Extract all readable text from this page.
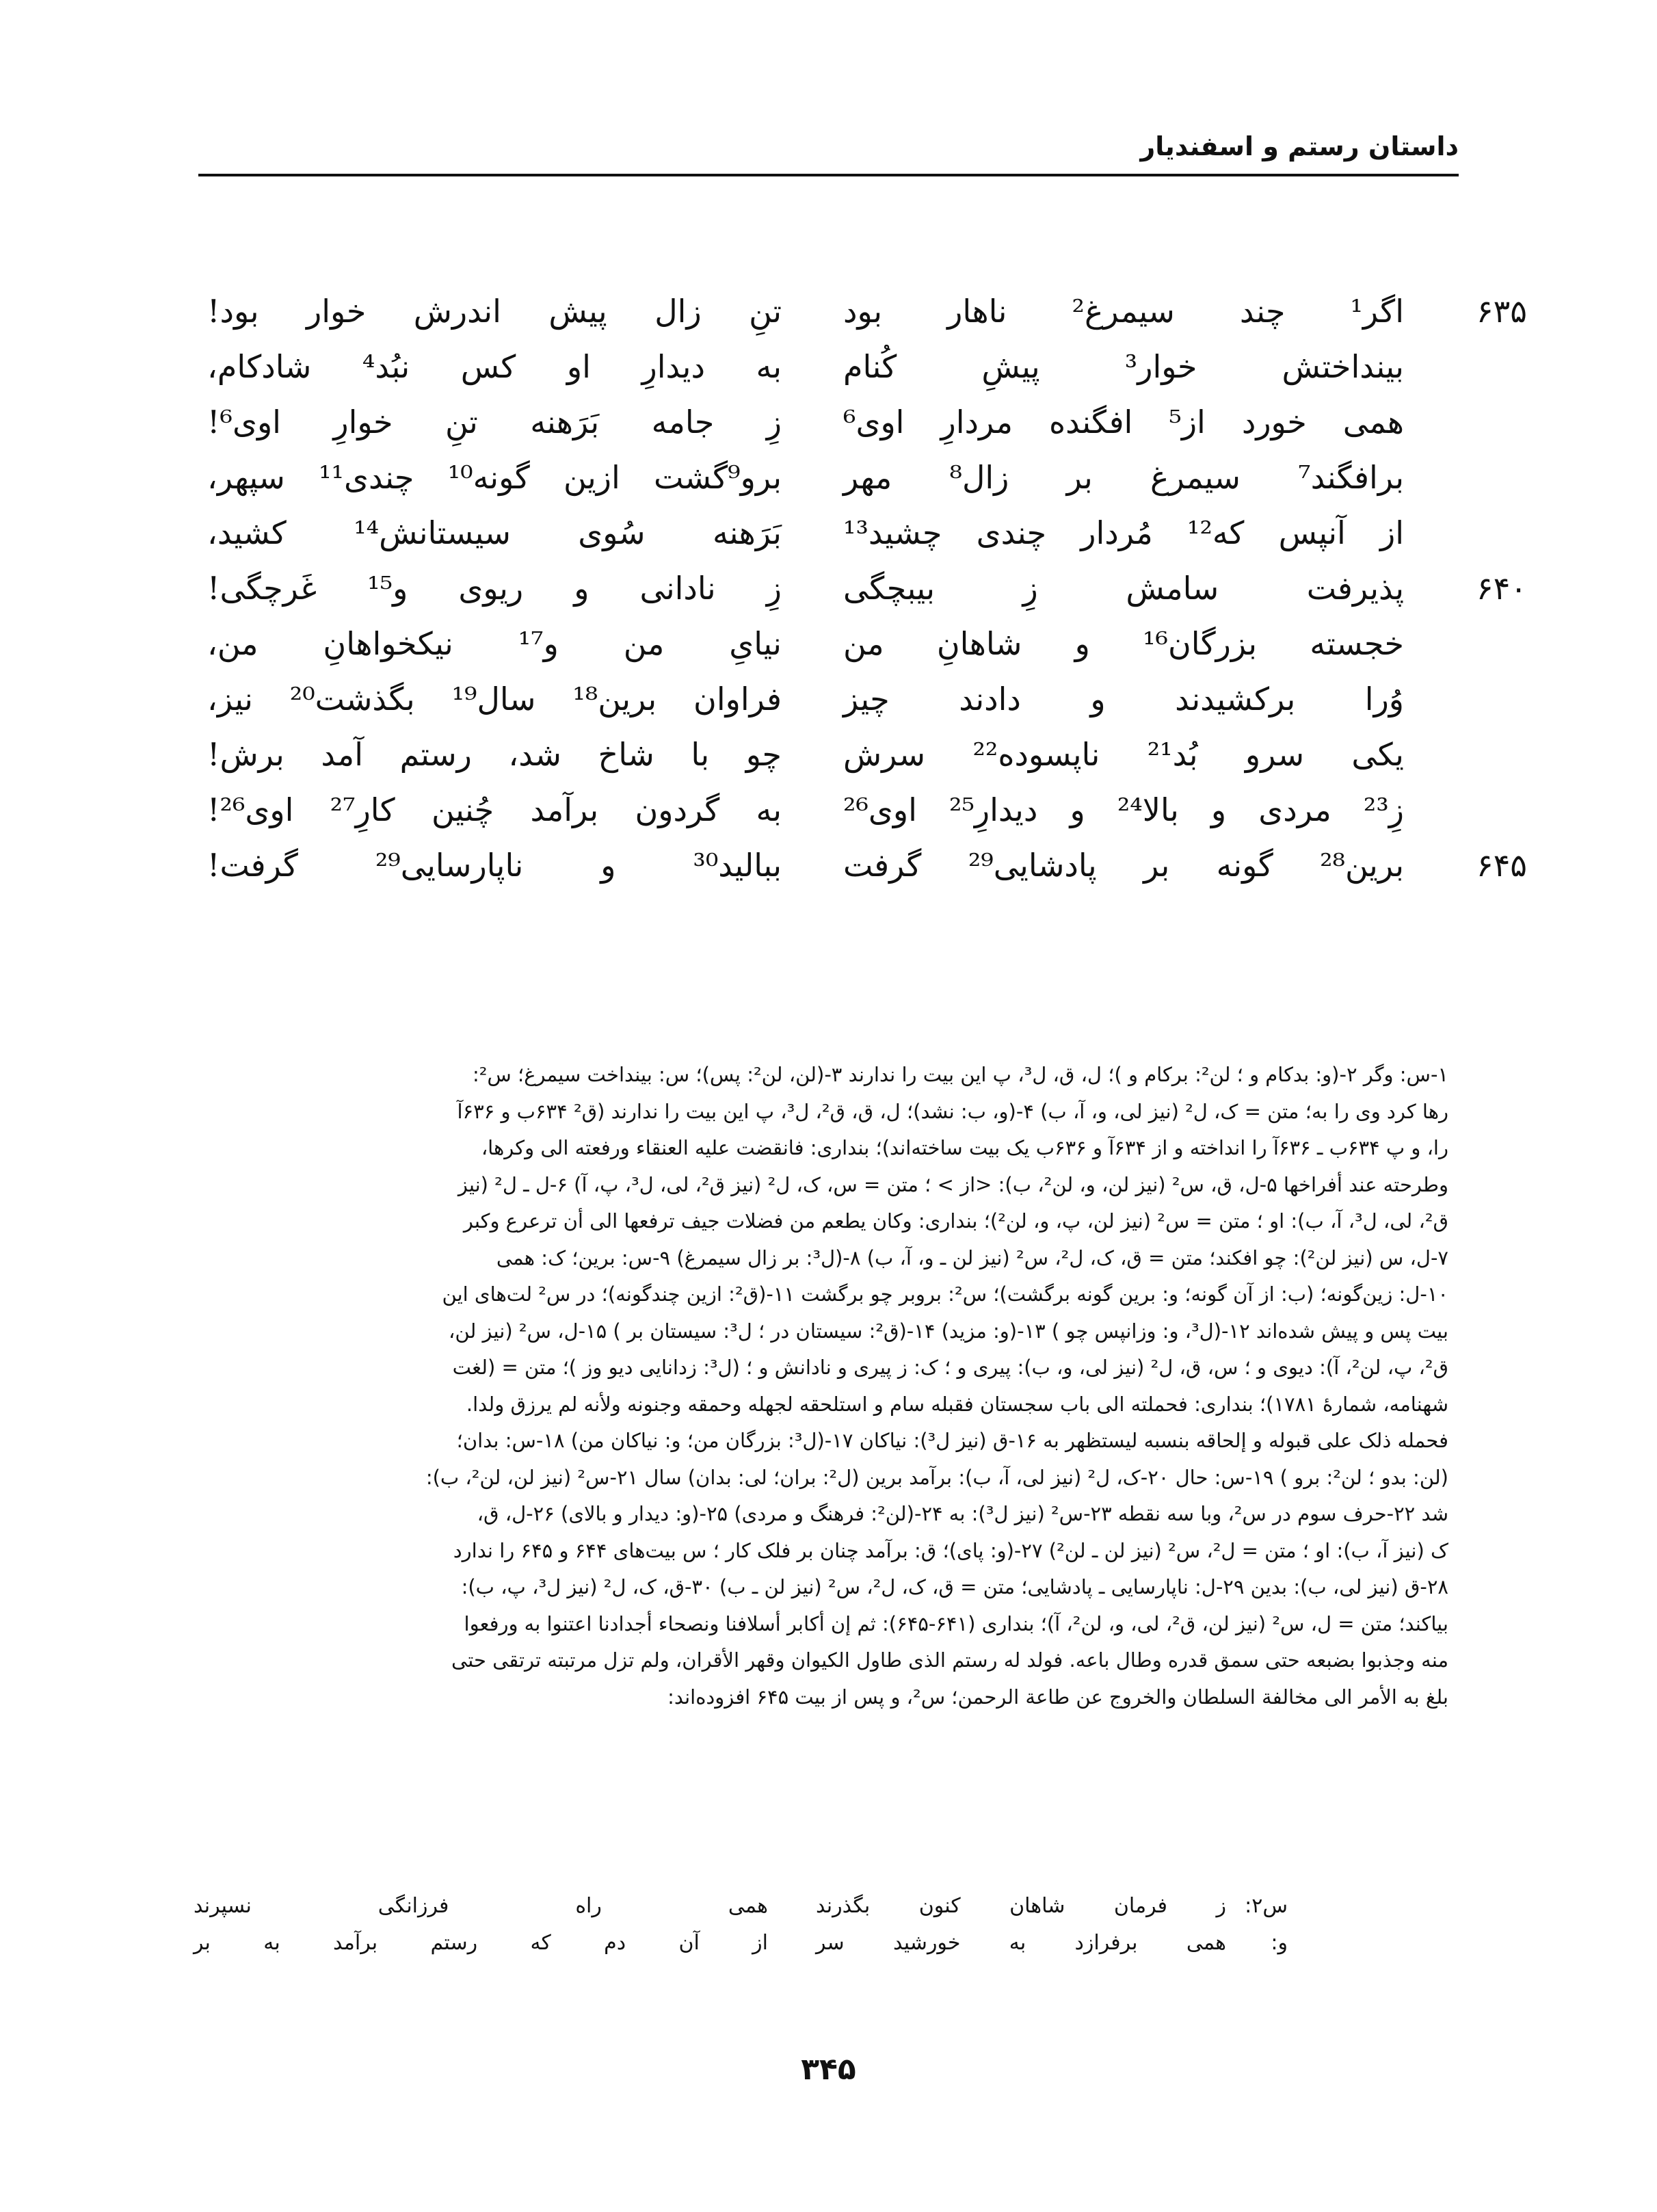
داستان رستم و اسفندیار
۶۳۵
اگر¹ چند سیمرغ² ناهار بود
تنِ زال پیش اندرش خوار بود!
بینداختش خوار³ پیشِ کُنام
به دیدارِ او کس نبُد⁴ شادکام،
همی خورد از⁵ افگنده مردارِ اوی⁶
زِ جامه بَرَهنه تنِ خوارِ اوی⁶!
برافگند⁷ سیمرغ بر زال⁸ مهر
برو⁹گشت ازین گونه¹⁰ چندی¹¹ سپهر،
از آنپس که¹² مُردار چندی چشید¹³
بَرَهنه سُوی سیستانش¹⁴ کشید،
۶۴۰
پذیرفت سامش زِ بیبچگی
زِ نادانی و ریوی و¹⁵ غَرچگی!
خجسته بزرگان¹⁶ و شاهانِ من
نیایِ من و¹⁷ نیکخواهانِ من،
وُرا برکشیدند و دادند چیز
فراوان برین¹⁸ سال¹⁹ بگذشت²⁰ نیز،
یکی سرو بُد²¹ ناپسوده²² سرش
چو با شاخ شد، رستم آمد برش!
زِ²³ مردی و بالا²⁴ و دیدارِ²⁵ اوی²⁶
به گردون برآمد چُنین کارِ²⁷ اوی²⁶!
۶۴۵
برین²⁸ گونه بر پادشایی²⁹ گرفت
ببالید³⁰ و ناپارسایی²⁹ گرفت!

۱-س: وگر ۲-(و: بدکام و ؛ لن²: برکام و )؛ ل، ق، ل³، پ این بیت را ندارند ۳-(لن، لن²: پس)؛ س: بینداخت سیمرغ؛ س²:

رها کرد وی را به؛ متن = ک، ل² (نیز لی، و، آ، ب) ۴-(و، ب: نشد)؛ ل، ق، ق²، ل³، پ این بیت را ندارند (ق² ۶۳۴ب و ۶۳۶آ

را، و پ ۶۳۴ب ـ ۶۳۶آ را انداخته و از ۶۳۴آ و ۶۳۶ب یک بیت ساخته‌اند)؛ بنداری: فانقضت علیه العنقاء ورفعته الی وکرها،

وطرحته عند أفراخها ۵-ل، ق، س² (نیز لن، و، لن²، ب): <از > ؛ متن = س، ک، ل² (نیز ق²، لی، ل³، پ، آ) ۶-ل ـ ل² (نیز

ق²، لی، ل³، آ، ب): او ؛ متن = س² (نیز لن، پ، و، لن²)؛ بنداری: وکان یطعم من فضلات جیف ترفعها الی أن ترعرع وکبر

۷-ل، س (نیز لن²): چو افکند؛ متن = ق، ک، ل²، س² (نیز لن ـ و، آ، ب) ۸-(ل³: بر زال سیمرغ) ۹-س: برین؛ ک: همی

۱۰-ل: زین‌گونه؛ (ب: از آن گونه؛ و: برین گونه برگشت)؛ س²: بروبر چو برگشت ۱۱-(ق²: ازین چندگونه)؛ در س² لت‌های این

بیت پس و پیش شده‌اند ۱۲-(ل³، و: وزانپس چو ) ۱۳-(و: مزید) ۱۴-(ق²: سیستان در ؛ ل³: سیستان بر ) ۱۵-ل، س² (نیز لن،

ق²، پ، لن²، آ): دیوی و ؛ س، ق، ل² (نیز لی، و، ب): پیری و ؛ ک: ز پیری و نادانش و ؛ (ل³: زدانایی دیو وز )؛ متن = (لغت

شهنامه، شمارهٔ ۱۷۸۱)؛ بنداری: فحملته الی باب سجستان فقبله سام و استلحقه لجهله وحمقه وجنونه ولأنه لم یرزق ولدا.

فحمله ذلک علی قبوله و إلحاقه بنسبه لیستظهر به ۱۶-ق (نیز ل³): نیاکان ۱۷-(ل³: بزرگان من؛ و: نیاکان من) ۱۸-س: بدان؛

(لن: بدو ؛ لن²: برو ) ۱۹-س: حال ۲۰-ک، ل² (نیز لی، آ، ب): برآمد برین (ل²: بران؛ لی: بدان) سال ۲۱-س² (نیز لن، لن²، ب):

شد ۲۲-حرف سوم در س²، وبا سه نقطه ۲۳-س² (نیز ل³): به ۲۴-(لن²: فرهنگ و مردی) ۲۵-(و: دیدار و بالای) ۲۶-ل، ق،

ک (نیز آ، ب): او ؛ متن = ل²، س² (نیز لن ـ لن²) ۲۷-(و: پای)؛ ق: برآمد چنان بر فلک کار ؛ س بیت‌های ۶۴۴ و ۶۴۵ را ندارد

۲۸-ق (نیز لی، ب): بدین ۲۹-ل: ناپارسایی ـ پادشایی؛ متن = ق، ک، ل²، س² (نیز لن ـ ب) ۳۰-ق، ک، ل² (نیز ل³، پ، ب):

بیاکند؛ متن = ل، س² (نیز لن، ق²، لی، و، لن²، آ)؛ بنداری (۶۴۱-۶۴۵): ثم إن أکابر أسلافنا ونصحاء أجدادنا اعتنوا به ورفعوا

منه وجذبوا بضبعه حتی سمق قدره وطال باعه. فولد له رستم الذی طاول الکیوان وقهر الأقران، ولم تزل مرتبته ترتقی حتی

بلغ به الأمر الی مخالفة السلطان والخروج عن طاعة الرحمن؛ س²، و پس از بیت ۶۴۵ افزوده‌اند:

س۲:
ز فرمان شاهان کنون بگذرند
همی راه فرزانگی نسپرند
و:
همی برفرازد به خورشید سر
از آن دم که رستم برآمد به بر
۳۴۵
